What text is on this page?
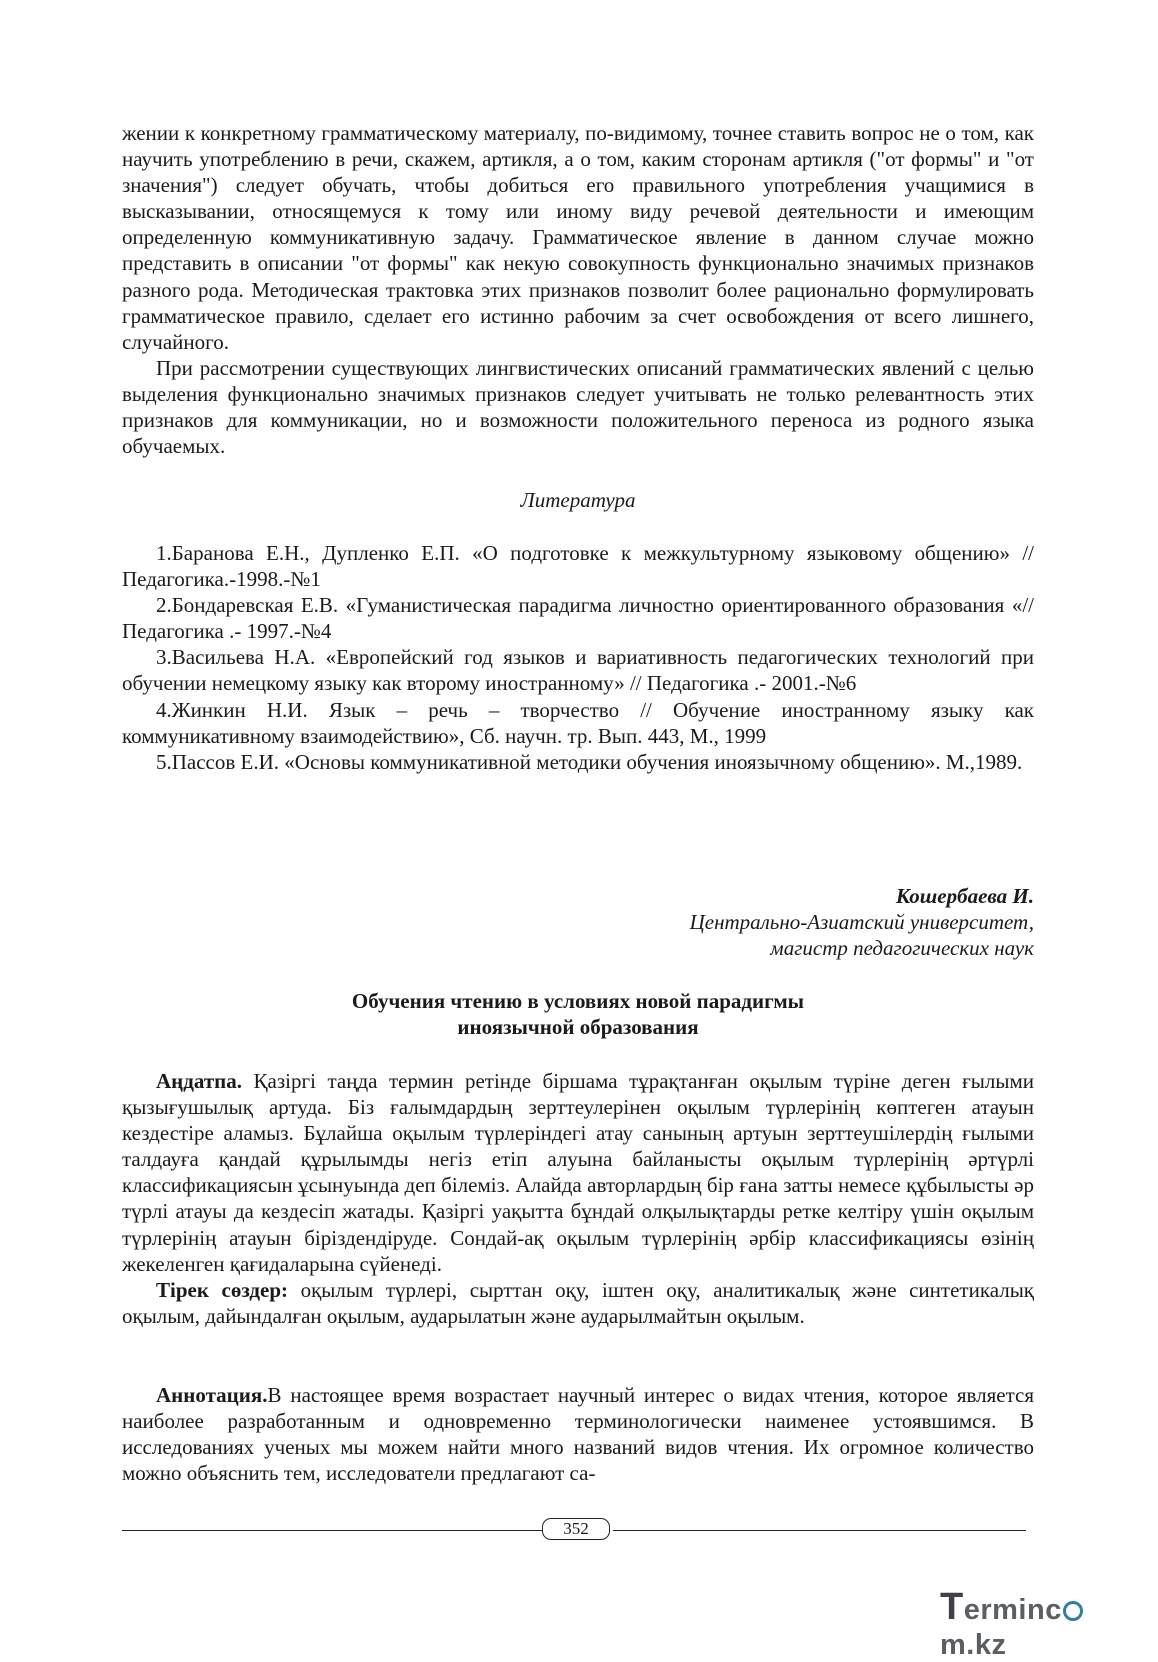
жении к конкретному грамматическому материалу, по-видимому, точнее ставить вопрос не о том, как научить употреблению в речи, скажем, артикля, а о том, каким сторонам артикля ("от формы" и "от значения") следует обучать, чтобы добиться его правильного употребления учащимися в высказывании, относящемуся к тому или иному виду речевой деятельности и имеющим определенную коммуникативную задачу. Грамматическое явление в данном случае можно представить в описании "от формы" как некую совокупность функционально значимых признаков разного рода. Методическая трактовка этих признаков позволит более рационально формулировать грамматическое правило, сделает его истинно рабочим за счет освобождения от всего лишнего, случайного.

При рассмотрении существующих лингвистических описаний грамматических явлений с целью выделения функционально значимых признаков следует учитывать не только релевантность этих признаков для коммуникации, но и возможности положительного переноса из родного языка обучаемых.

Литература

1.Баранова Е.Н., Дупленко Е.П. «О подготовке к межкультурному языковому общению» // Педагогика.-1998.-№1

2.Бондаревская Е.В. «Гуманистическая парадигма личностно ориентированного образования «// Педагогика .- 1997.-№4

3.Васильева Н.А. «Европейский год языков и вариативность педагогических технологий при обучении немецкому языку как второму иностранному» // Педагогика .- 2001.-№6

4.Жинкин Н.И. Язык – речь – творчество // Обучение иностранному языку как коммуникативному взаимодействию», Сб. научн. тр. Вып. 443, М., 1999

5.Пассов Е.И. «Основы коммуникативной методики обучения иноязычному общению». М.,1989.

Кошербаева И.

Центрально-Азиатский университет,

магистр педагогических наук

Обучения чтению в условиях новой парадигмы
иноязычной образования

Аңдатпа. Қазіргі таңда термин ретінде біршама тұрақтанған оқылым түріне деген ғылыми қызығушылық артуда. Біз ғалымдардың зерттеулерінен оқылым түрлерінің көптеген атауын кездестіре аламыз. Бұлайша оқылым түрлеріндегі атау санының артуын зерттеушілердің ғылыми талдауға қандай құрылымды негіз етіп алуына байланысты оқылым түрлерінің әртүрлі классификациясын ұсынуында деп білеміз. Алайда авторлардың бір ғана затты немесе құбылысты әр түрлі атауы да кездесіп жатады. Қазіргі уақытта бұндай олқылықтарды ретке келтіру үшін оқылым түрлерінің атауын біріздендіруде. Сондай-ақ оқылым түрлерінің әрбір классификациясы өзінің жекеленген қағидаларына сүйенеді.

Тірек сөздер: оқылым түрлері, сырттан оқу, іштен оқу, аналитикалық және синтетикалық оқылым, дайындалған оқылым, аударылатын және аударылмайтын оқылым.

Аннотация.В настоящее время возрастает научный интерес о видах чтения, которое является наиболее разработанным и одновременно терминологически наименее устоявшимся. В исследованиях ученых мы можем найти много названий видов чтения. Их огромное количество можно объяснить тем, исследователи предлагают са-

352
Termincm.kz
